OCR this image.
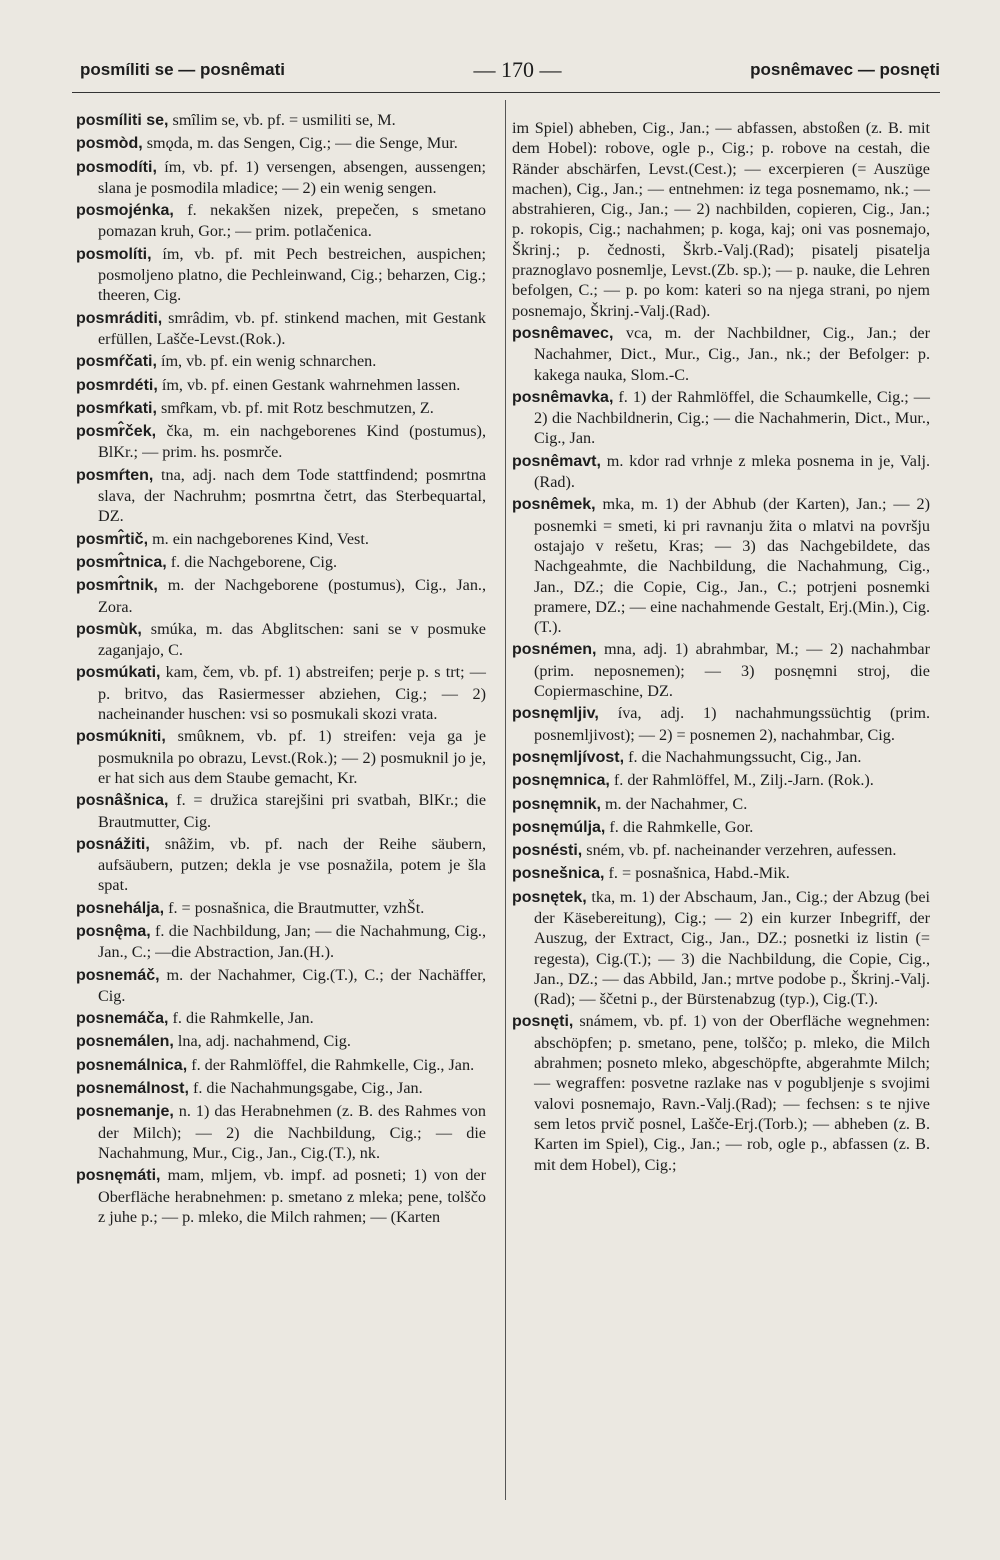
posmíliti se — posnêmati	— 170 —	posnêmavec — posnęti

posmíliti se, smîlim se, vb. pf. = usmiliti se, M.

posmòd, smǫda, m. das Sengen, Cig.; — die Senge, Mur.

posmodíti, ím, vb. pf. 1) versengen, absengen, aussengen; slana je posmodila mladice; — 2) ein wenig sengen.

posmojénka, f. nekakšen nizek, prepečen, s smetano pomazan kruh, Gor.; — prim. potlačenica.

posmolíti, ím, vb. pf. mit Pech bestreichen, auspichen; posmoljeno platno, die Pechleinwand, Cig.; beharzen, Cig.; theeren, Cig.

posmráditi, smrâdim, vb. pf. stinkend machen, mit Gestank erfüllen, Lašče-Levst.(Rok.).

posmŕčati, ím, vb. pf. ein wenig schnarchen.

posmrdéti, ím, vb. pf. einen Gestank wahrnehmen lassen.

posmŕkati, smr̂kam, vb. pf. mit Rotz beschmutzen, Z.

posmr̂ček, čka, m. ein nachgeborenes Kind (postumus), BlKr.; — prim. hs. posmrče.

posmŕten, tna, adj. nach dem Tode stattfindend; posmrtna slava, der Nachruhm; posmrtna četrt, das Sterbequartal, DZ.

posmr̂tič, m. ein nachgeborenes Kind, Vest.

posmr̂tnica, f. die Nachgeborene, Cig.

posmr̂tnik, m. der Nachgeborene (postumus), Cig., Jan., Zora.

posmùk, smúka, m. das Abglitschen: sani se v posmuke zaganjajo, C.

posmúkati, kam, čem, vb. pf. 1) abstreifen; perje p. s trt; — p. britvo, das Rasiermesser abziehen, Cig.; — 2) nacheinander huschen: vsi so posmukali skozi vrata.

posmúkniti, smûknem, vb. pf. 1) streifen: veja ga je posmuknila po obrazu, Levst.(Rok.); — 2) posmuknil jo je, er hat sich aus dem Staube gemacht, Kr.

posnâšnica, f. = družica starejšini pri svatbah, BlKr.; die Brautmutter, Cig.

posnážiti, snâžim, vb. pf. nach der Reihe säubern, aufsäubern, putzen; dekla je vse posnažila, potem je šla spat.

posnehálja, f. = posnašnica, die Brautmutter, vzhŠt.

posnę̂ma, f. die Nachbildung, Jan; — die Nachahmung, Cig., Jan., C.; —die Abstraction, Jan.(H.).

posnemáč, m. der Nachahmer, Cig.(T.), C.; der Nachäffer, Cig.

posnemáča, f. die Rahmkelle, Jan.

posnemálen, lna, adj. nachahmend, Cig.

posnemálnica, f. der Rahmlöffel, die Rahmkelle, Cig., Jan.

posnemálnost, f. die Nachahmungsgabe, Cig., Jan.

posnemanje, n. 1) das Herabnehmen (z. B. des Rahmes von der Milch); — 2) die Nachbildung, Cig.; — die Nachahmung, Mur., Cig., Jan., Cig.(T.), nk.

posnęmáti, mam, mljem, vb. impf. ad posneti; 1) von der Oberfläche herabnehmen: p. smetano z mleka; pene, tolščo z juhe p.; — p. mleko, die Milch rahmen; — (Karten

im Spiel) abheben, Cig., Jan.; — abfassen, abstoßen (z. B. mit dem Hobel): robove, ogle p., Cig.; p. robove na cestah, die Ränder abschärfen, Levst.(Cest.); — excerpieren (= Auszüge machen), Cig., Jan.; — entnehmen: iz tega posnemamo, nk.; — abstrahieren, Cig., Jan.; — 2) nachbilden, copieren, Cig., Jan.; p. rokopis, Cig.; nachahmen; p. koga, kaj; oni vas posnemajo, Škrinj.; p. čednosti, Škrb.-Valj.(Rad); pisatelj pisatelja praznoglavo posnemlje, Levst.(Zb. sp.); — p. nauke, die Lehren befolgen, C.; — p. po kom: kateri so na njega strani, po njem posnemajo, Škrinj.-Valj.(Rad).

posnêmavec, vca, m. der Nachbildner, Cig., Jan.; der Nachahmer, Dict., Mur., Cig., Jan., nk.; der Befolger: p. kakega nauka, Slom.-C.

posnêmavka, f. 1) der Rahmlöffel, die Schaumkelle, Cig.; — 2) die Nachbildnerin, Cig.; — die Nachahmerin, Dict., Mur., Cig., Jan.

posnêmavt, m. kdor rad vrhnje z mleka posnema in je, Valj.(Rad).

posnêmek, mka, m. 1) der Abhub (der Karten), Jan.; — 2) posnemki = smeti, ki pri ravnanju žita o mlatvi na površju ostajajo v rešetu, Kras; — 3) das Nachgebildete, das Nachgeahmte, die Nachbildung, die Nachahmung, Cig., Jan., DZ.; die Copie, Cig., Jan., C.; potrjeni posnemki pramere, DZ.; — eine nachahmende Gestalt, Erj.(Min.), Cig.(T.).

posnémen, mna, adj. 1) abrahmbar, M.; — 2) nachahmbar (prim. neposnemen); — 3) posnęmni stroj, die Copiermaschine, DZ.

posnęmljiv, íva, adj. 1) nachahmungssüchtig (prim. posnemljivost); — 2) = posnemen 2), nachahmbar, Cig.

posnęmljívost, f. die Nachahmungssucht, Cig., Jan.

posnęmnica, f. der Rahmlöffel, M., Zilj.-Jarn. (Rok.).

posnęmnik, m. der Nachahmer, C.

posnęmúlja, f. die Rahmkelle, Gor.

posnésti, sném, vb. pf. nacheinander verzehren, aufessen.

posnešnica, f. = posnašnica, Habd.-Mik.

posnętek, tka, m. 1) der Abschaum, Jan., Cig.; der Abzug (bei der Käsebereitung), Cig.; — 2) ein kurzer Inbegriff, der Auszug, der Extract, Cig., Jan., DZ.; posnetki iz listin (= regesta), Cig.(T.); — 3) die Nachbildung, die Copie, Cig., Jan., DZ.; — das Abbild, Jan.; mrtve podobe p., Škrinj.-Valj.(Rad); — ščetni p., der Bürstenabzug (typ.), Cig.(T.).

posnęti, snámem, vb. pf. 1) von der Oberfläche wegnehmen: abschöpfen; p. smetano, pene, tolščo; p. mleko, die Milch abrahmen; posneto mleko, abgeschöpfte, abgerahmte Milch; — wegraffen: posvetne razlake nas v pogubljenje s svojimi valovi posnemajo, Ravn.-Valj.(Rad); — fechsen: s te njive sem letos prvič posnel, Lašče-Erj.(Torb.); — abheben (z. B. Karten im Spiel), Cig., Jan.; — rob, ogle p., abfassen (z. B. mit dem Hobel), Cig.;
